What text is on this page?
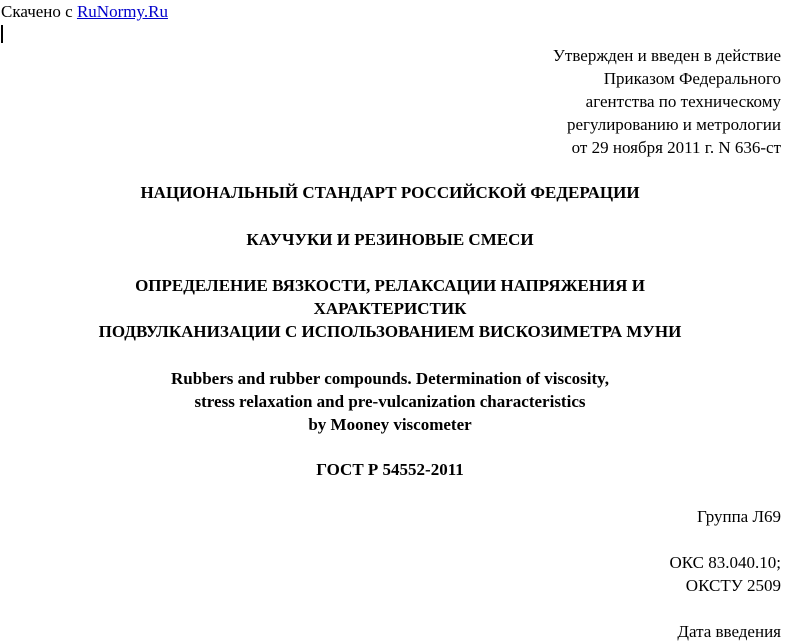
Скачено с RuNormy.Ru
Утвержден и введен в действие
Приказом Федерального
агентства по техническому
регулированию и метрологии
от 29 ноября 2011 г. N 636-ст
НАЦИОНАЛЬНЫЙ СТАНДАРТ РОССИЙСКОЙ ФЕДЕРАЦИИ
КАУЧУКИ И РЕЗИНОВЫЕ СМЕСИ
ОПРЕДЕЛЕНИЕ ВЯЗКОСТИ, РЕЛАКСАЦИИ НАПРЯЖЕНИЯ И
ХАРАКТЕРИСТИК
ПОДВУЛКАНИЗАЦИИ С ИСПОЛЬЗОВАНИЕМ ВИСКОЗИМЕТРА МУНИ
Rubbers and rubber compounds. Determination of viscosity,
stress relaxation and pre-vulcanization characteristics
by Mooney viscometer
ГОСТ Р 54552-2011
Группа Л69
ОКС 83.040.10;
ОКСТУ 2509
Дата введения
